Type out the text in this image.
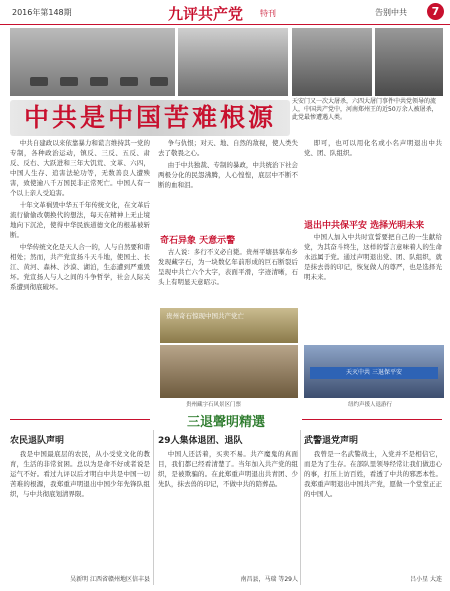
2016年第148期	九评共产党 特刊	告别中共	7
天安门又一次大屠杀，六四大屠门事件中共党领导的流人，中国共产党中，河南郑州王的近50万余人被屠杀，此党最惨遭遇人类。
中共是中国苦难根源

中共自建政以来依靠暴力和谎言维持其一党的专制，各种政治运动，镇反、三反、五反、肃反、反右、大跃进和三年大饥荒、文革、六四，中国人生存、追害法轮功等，无数善良人遭殃害，致使逾八千万国民非正常死亡。中国人有一个以上亲人受迫害。

十年文革祸毁中华五千年传统文化，在文革后流行偷偷改朝换代的想法，每天在精神上无止境地向下沉沦，使得中华民族道德文化的根基被斩断。

中华传统文化是天人合一的，人与自然要和谐相处；然而，共产党宣扬斗天斗地，使国土、长江、黄河、森林、沙漠、湖泊，生态遭到严重毁坏。党宣扬人与人之间的斗争哲学，社会人际关系遭到彻底破坏。

争与仇恨；对天、地、自然的敌视，使人类失去了敬畏之心。

由于中共独裁、专制的暴政，中共统治下社会两极分化的民怨沸腾，人心惶惶，底层中不断不断的血和泪。

奇石异象 天意示警

古人说：多行不义必自毙。贵州平塘县掌布乡发现藏字石，为一块数亿年前形成的巨石断裂后呈现中共亡六个大字，表面平滑，字迹清晰，石头上有明显天意昭示。

贵州奇石惊现中国共产党亡
贵州藏字石风景区门票

即可，也可以用化名或小名声明退出中共党、团、队组织。

退出中共保平安 选择光明未来

中国人加入中共时宣誓要把自己的一生献给党，为其奋斗终生，这样的誓言意味着人的生命永远属于党。通过声明退出党、团、队组织，就是抹去兽的印记，恢复做人的尊严，也是选择光明未来。

天灭中共 三退保平安
纽约声援人退游行
三退聲明精選
农民退队声明

我是中国最底层的农民，从小受党文化的教育，生活的非常贫困。总以为是命不好或者说是运气不好。看过九评以后才明白中共是中国一切苦难的根源，我郑重声明退出中国少年先锋队组织，与中共彻底划清界限。

吴新明 江西省赣州地区信丰县
29人集体退团、退队

中国人还活着，买卖不易。共产魔鬼的真面目，我们都已经看清楚了。当年加入共产党的组织，是被欺骗的。在此郑重声明退出共青团、少先队，抹去兽的印记，不做中共的陪葬品。

南昌县，马瑞 等29人
武警退党声明

我曾是一名武警战士，入党并不是相信它，而是为了生存。在部队里领导经常让我们做违心的事，打压上访百姓，看透了中共的邪恶本性。我郑重声明退出中国共产党，愿做一个堂堂正正的中国人。

吕小星 大连
